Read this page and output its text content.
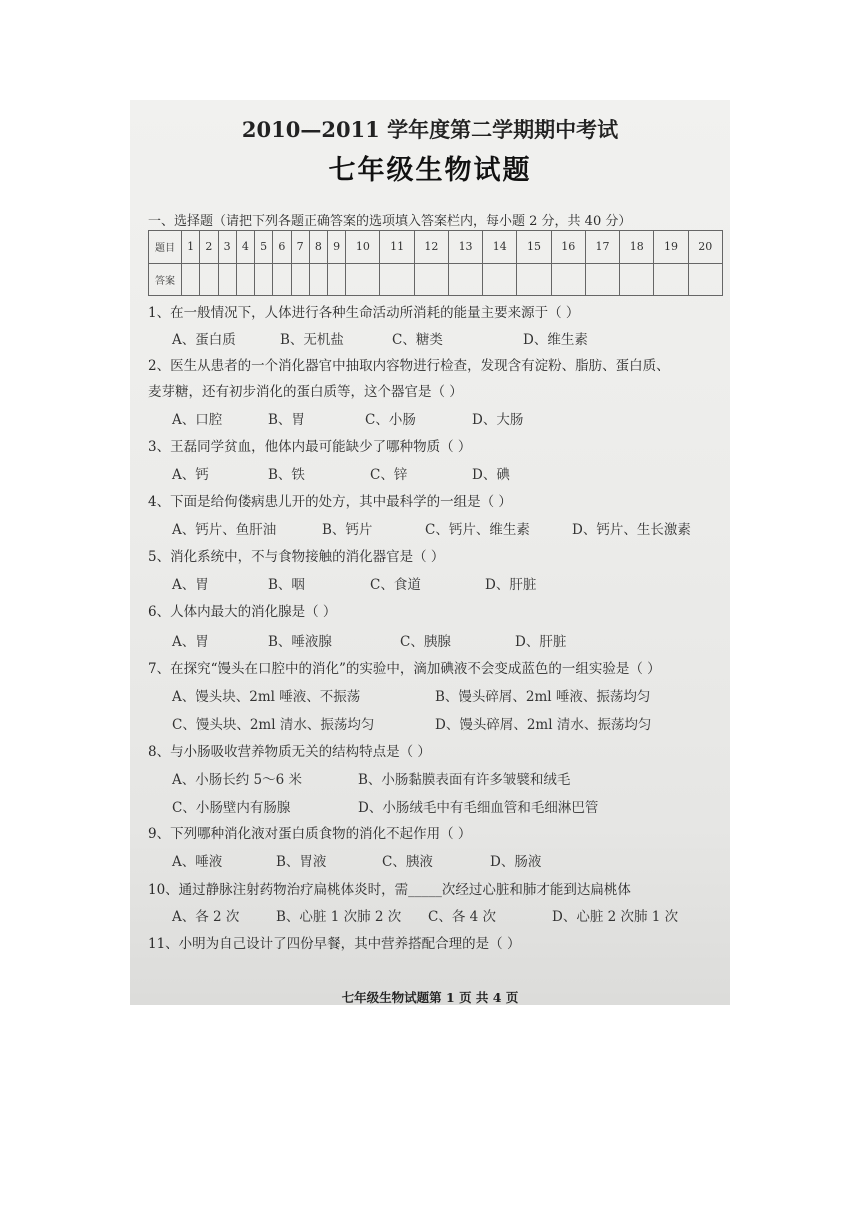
2010—2011 学年度第二学期期中考试
七年级生物试题
一、选择题（请把下列各题正确答案的选项填入答案栏内，每小题 2 分，共 40 分）
题目	1	2	3	4	5	6	7	8	9	10	11	12	13	14	15	16	17	18	19	20
答案																				
1、在一般情况下，人体进行各种生命活动所消耗的能量主要来源于（ ）
A、蛋白质	B、无机盐	C、糖类	D、维生素
2、医生从患者的一个消化器官中抽取内容物进行检查，发现含有淀粉、脂肪、蛋白质、
麦芽糖，还有初步消化的蛋白质等，这个器官是（ ）
A、口腔	B、胃	C、小肠	D、大肠
3、王磊同学贫血，他体内最可能缺少了哪种物质（ ）
A、钙	B、铁	C、锌	D、碘
4、下面是给佝偻病患儿开的处方，其中最科学的一组是（ ）
A、钙片、鱼肝油	B、钙片	C、钙片、维生素	D、钙片、生长激素
5、消化系统中，不与食物接触的消化器官是（ ）
A、胃	B、咽	C、食道	D、肝脏
6、人体内最大的消化腺是（ ）
A、胃	B、唾液腺	C、胰腺	D、肝脏
7、在探究“馒头在口腔中的消化”的实验中，滴加碘液不会变成蓝色的一组实验是（ ）
A、馒头块、2ml 唾液、不振荡	B、馒头碎屑、2ml 唾液、振荡均匀
C、馒头块、2ml 清水、振荡均匀	D、馒头碎屑、2ml 清水、振荡均匀
8、与小肠吸收营养物质无关的结构特点是（ ）
A、小肠长约 5～6 米	B、小肠黏膜表面有许多皱襞和绒毛
C、小肠壁内有肠腺	D、小肠绒毛中有毛细血管和毛细淋巴管
9、下列哪种消化液对蛋白质食物的消化不起作用（ ）
A、唾液	B、胃液	C、胰液	D、肠液
10、通过静脉注射药物治疗扁桃体炎时，需_____次经过心脏和肺才能到达扁桃体
A、各 2 次	B、心脏 1 次肺 2 次 C、各 4 次	D、心脏 2 次肺 1 次
11、小明为自己设计了四份早餐，其中营养搭配合理的是（ ）
七年级生物试题第 1 页 共 4 页
